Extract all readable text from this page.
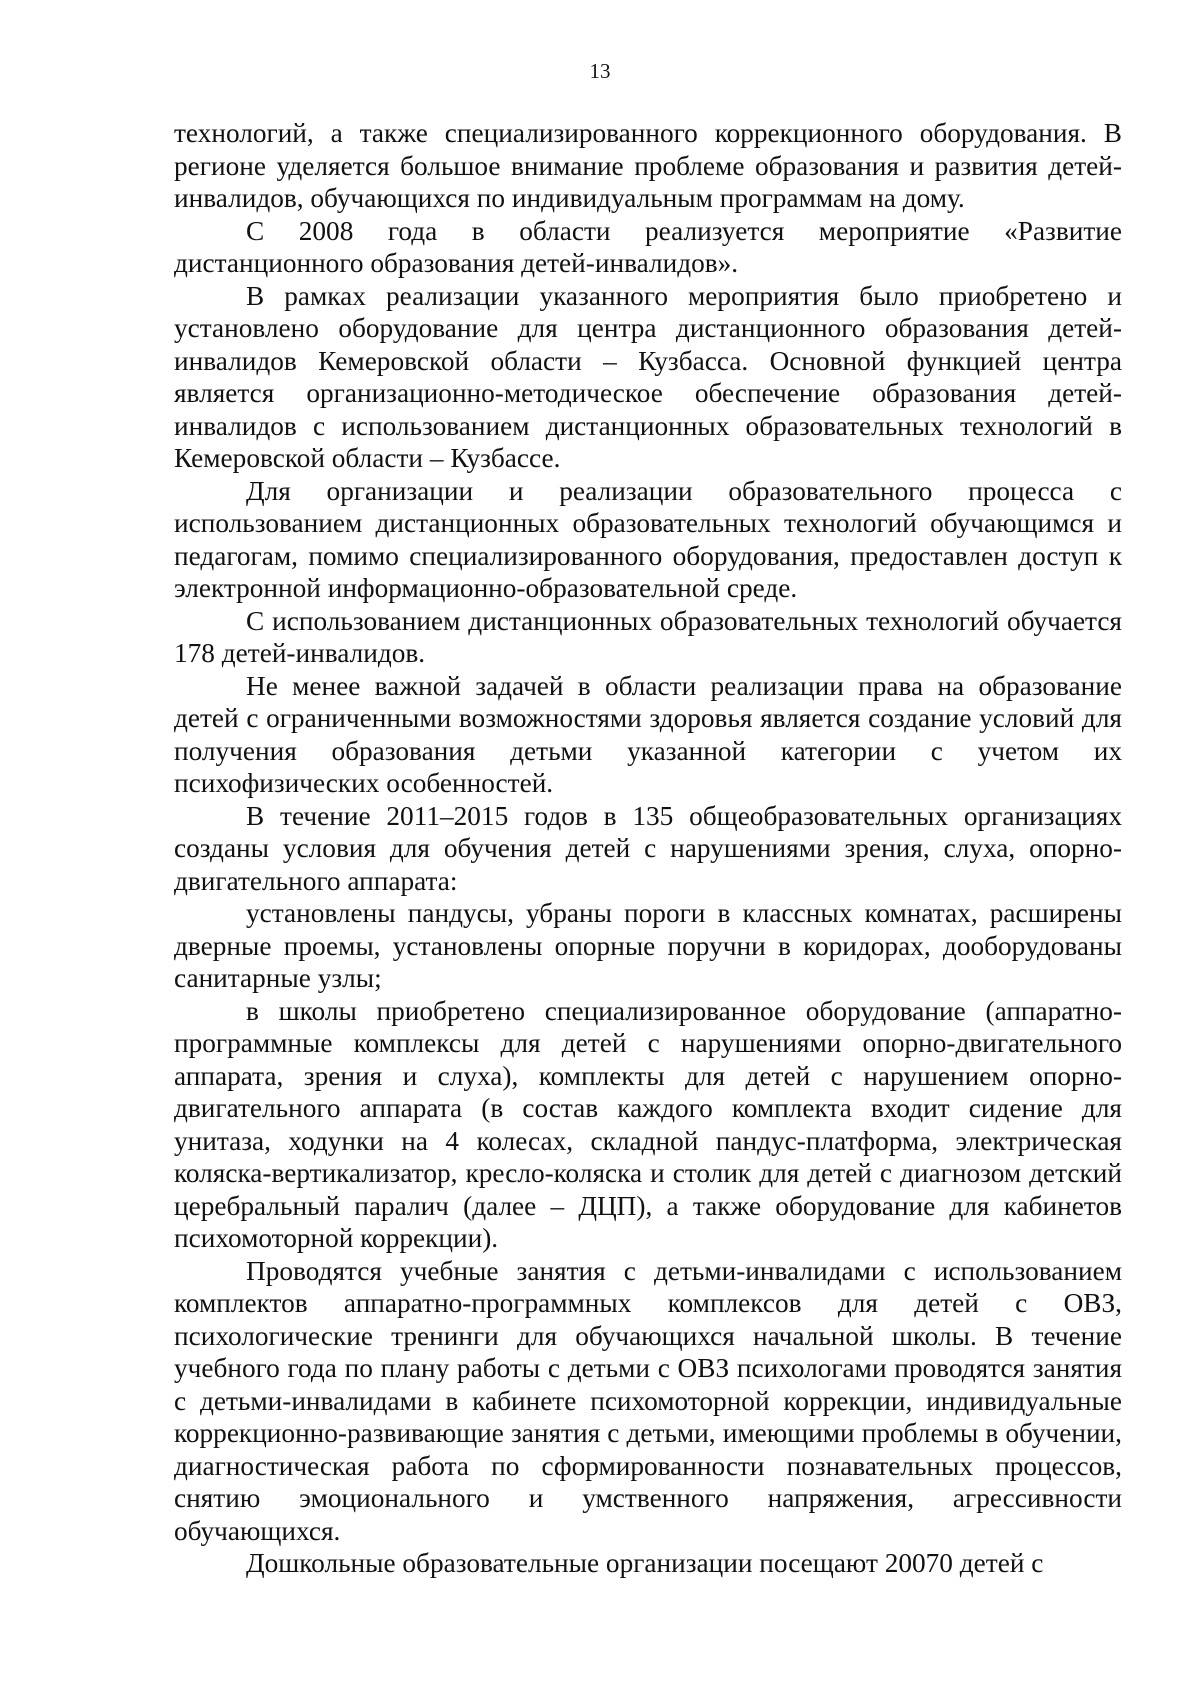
13

технологий, а также специализированного коррекционного оборудования. В регионе уделяется большое внимание проблеме образования и развития детей-инвалидов, обучающихся по индивидуальным программам на дому.

С 2008 года в области реализуется мероприятие «Развитие дистанционного образования детей-инвалидов».

В рамках реализации указанного мероприятия было приобретено и установлено оборудование для центра дистанционного образования детей-инвалидов Кемеровской области – Кузбасса. Основной функцией центра является организационно-методическое обеспечение образования детей-инвалидов с использованием дистанционных образовательных технологий в Кемеровской области – Кузбассе.

Для организации и реализации образовательного процесса с использованием дистанционных образовательных технологий обучающимся и педагогам, помимо специализированного оборудования, предоставлен доступ к электронной информационно-образовательной среде.

С использованием дистанционных образовательных технологий обучается 178 детей-инвалидов.

Не менее важной задачей в области реализации права на образование детей с ограниченными возможностями здоровья является создание условий для получения образования детьми указанной категории с учетом их психофизических особенностей.

В течение 2011–2015 годов в 135 общеобразовательных организациях созданы условия для обучения детей с нарушениями зрения, слуха, опорно-двигательного аппарата:

установлены пандусы, убраны пороги в классных комнатах, расширены дверные проемы, установлены опорные поручни в коридорах, дооборудованы санитарные узлы;

в школы приобретено специализированное оборудование (аппаратно-программные комплексы для детей с нарушениями опорно-двигательного аппарата, зрения и слуха), комплекты для детей с нарушением опорно-двигательного аппарата (в состав каждого комплекта входит сидение для унитаза, ходунки на 4 колесах, складной пандус-платформа, электрическая коляска-вертикализатор, кресло-коляска и столик для детей с диагнозом детский церебральный паралич (далее – ДЦП), а также оборудование для кабинетов психомоторной коррекции).

Проводятся учебные занятия с детьми-инвалидами с использованием комплектов аппаратно-программных комплексов для детей с ОВЗ, психологические тренинги для обучающихся начальной школы. В течение учебного года по плану работы с детьми с ОВЗ психологами проводятся занятия с детьми-инвалидами в кабинете психомоторной коррекции, индивидуальные коррекционно-развивающие занятия с детьми, имеющими проблемы в обучении, диагностическая работа по сформированности познавательных процессов, снятию эмоционального и умственного напряжения, агрессивности обучающихся.

Дошкольные образовательные организации посещают 20070 детей с
